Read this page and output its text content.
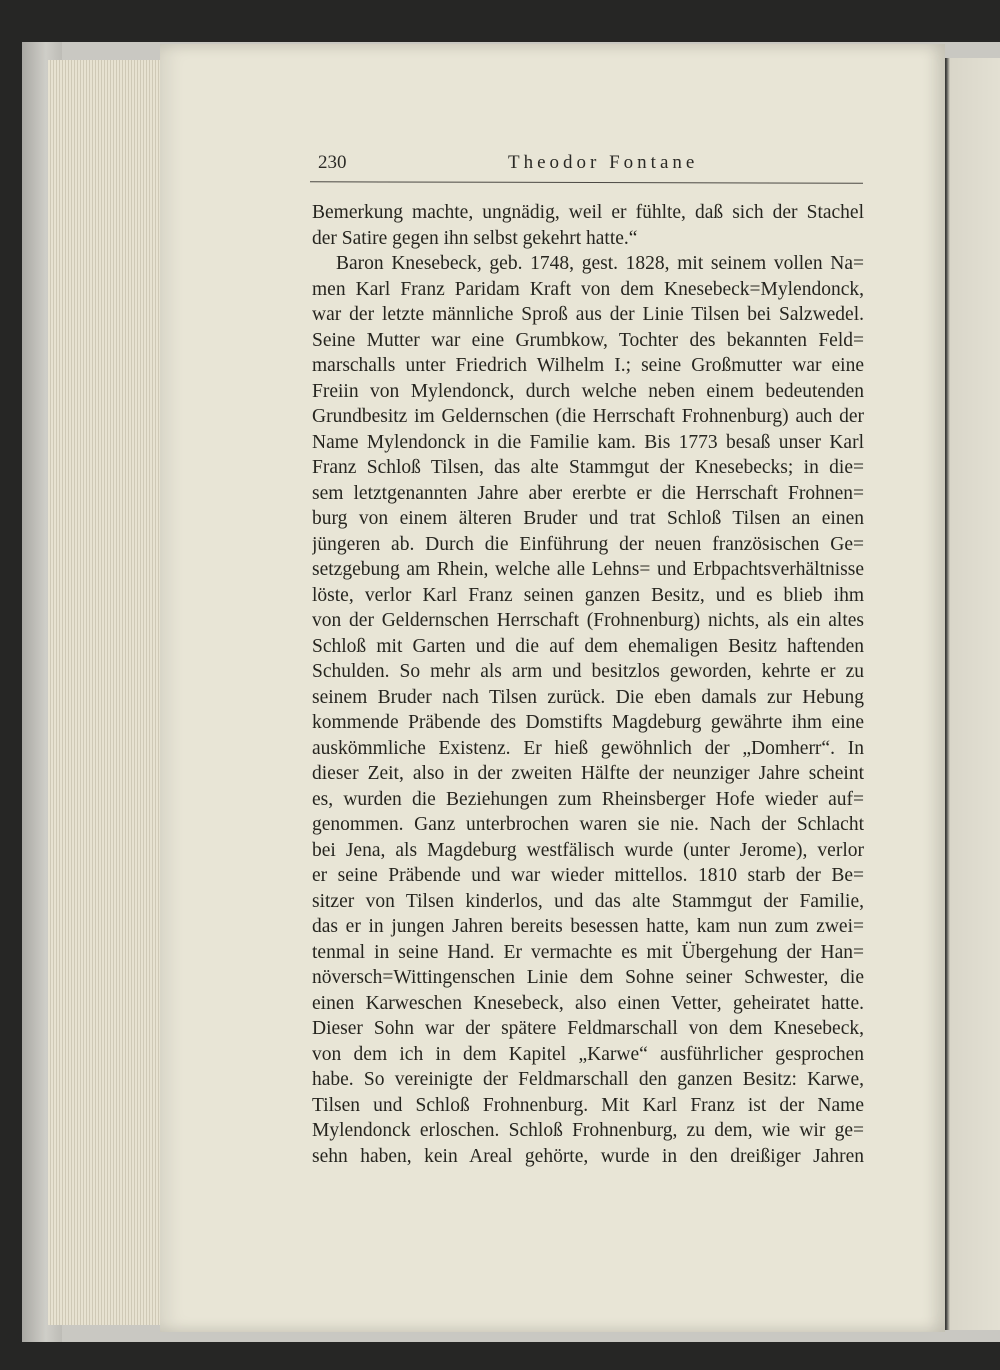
230	Theodor Fontane
Bemerkung machte, ungnädig, weil er fühlte, daß sich der Stachel
der Satire gegen ihn selbst gekehrt hatte.“
Baron Knesebeck, geb. 1748, gest. 1828, mit seinem vollen Na=
men Karl Franz Paridam Kraft von dem Knesebeck=Mylendonck,
war der letzte männliche Sproß aus der Linie Tilsen bei Salzwedel.
Seine Mutter war eine Grumbkow, Tochter des bekannten Feld=
marschalls unter Friedrich Wilhelm I.; seine Großmutter war eine
Freiin von Mylendonck, durch welche neben einem bedeutenden
Grundbesitz im Geldernschen (die Herrschaft Frohnenburg) auch der
Name Mylendonck in die Familie kam. Bis 1773 besaß unser Karl
Franz Schloß Tilsen, das alte Stammgut der Knesebecks; in die=
sem letztgenannten Jahre aber ererbte er die Herrschaft Frohnen=
burg von einem älteren Bruder und trat Schloß Tilsen an einen
jüngeren ab. Durch die Einführung der neuen französischen Ge=
setzgebung am Rhein, welche alle Lehns= und Erbpachtsverhältnisse
löste, verlor Karl Franz seinen ganzen Besitz, und es blieb ihm
von der Geldernschen Herrschaft (Frohnenburg) nichts, als ein altes
Schloß mit Garten und die auf dem ehemaligen Besitz haftenden
Schulden. So mehr als arm und besitzlos geworden, kehrte er zu
seinem Bruder nach Tilsen zurück. Die eben damals zur Hebung
kommende Präbende des Domstifts Magdeburg gewährte ihm eine
auskömmliche Existenz. Er hieß gewöhnlich der „Domherr“. In
dieser Zeit, also in der zweiten Hälfte der neunziger Jahre scheint
es, wurden die Beziehungen zum Rheinsberger Hofe wieder auf=
genommen. Ganz unterbrochen waren sie nie. Nach der Schlacht
bei Jena, als Magdeburg westfälisch wurde (unter Jerome), verlor
er seine Präbende und war wieder mittellos. 1810 starb der Be=
sitzer von Tilsen kinderlos, und das alte Stammgut der Familie,
das er in jungen Jahren bereits besessen hatte, kam nun zum zwei=
tenmal in seine Hand. Er vermachte es mit Übergehung der Han=
növersch=Wittingenschen Linie dem Sohne seiner Schwester, die
einen Karweschen Knesebeck, also einen Vetter, geheiratet hatte.
Dieser Sohn war der spätere Feldmarschall von dem Knesebeck,
von dem ich in dem Kapitel „Karwe“ ausführlicher gesprochen
habe. So vereinigte der Feldmarschall den ganzen Besitz: Karwe,
Tilsen und Schloß Frohnenburg. Mit Karl Franz ist der Name
Mylendonck erloschen. Schloß Frohnenburg, zu dem, wie wir ge=
sehn haben, kein Areal gehörte, wurde in den dreißiger Jahren
